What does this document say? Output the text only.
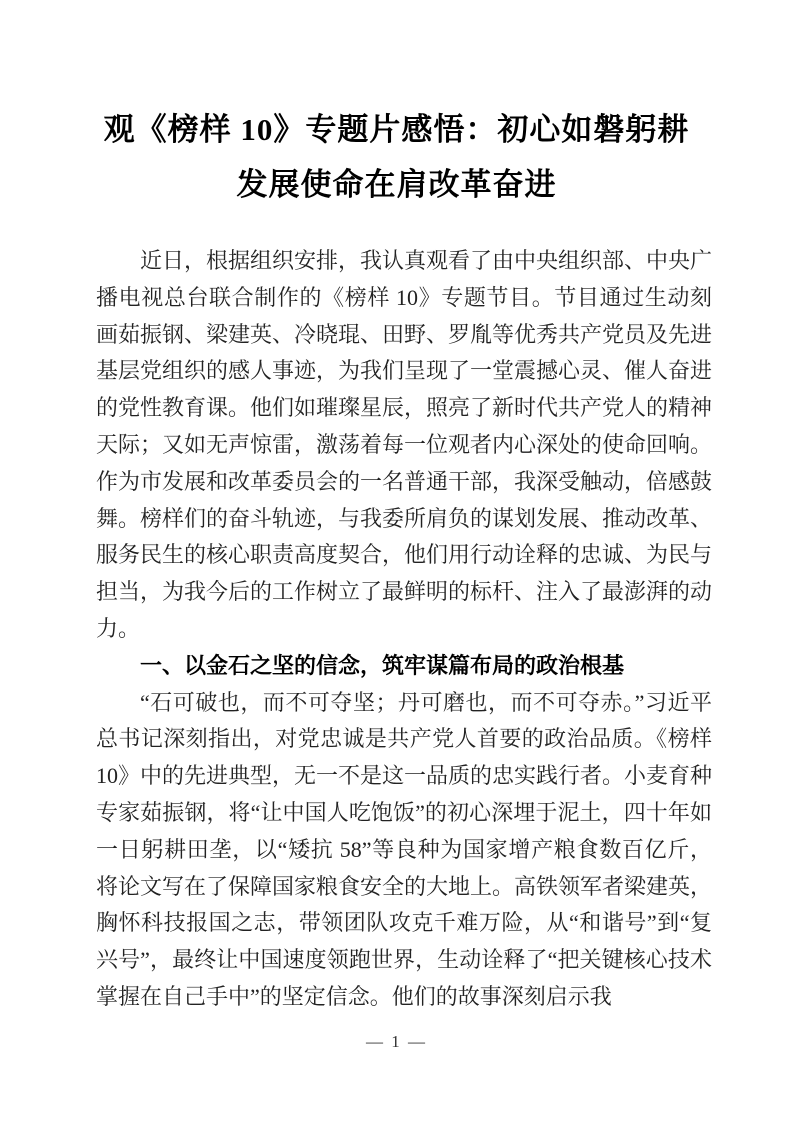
观《榜样 10》专题片感悟：初心如磐躬耕
发展使命在肩改革奋进

近日，根据组织安排，我认真观看了由中央组织部、中央广播电视总台联合制作的《榜样 10》专题节目。节目通过生动刻画茹振钢、梁建英、冷晓琨、田野、罗胤等优秀共产党员及先进基层党组织的感人事迹，为我们呈现了一堂震撼心灵、催人奋进的党性教育课。他们如璀璨星辰，照亮了新时代共产党人的精神天际；又如无声惊雷，激荡着每一位观者内心深处的使命回响。作为市发展和改革委员会的一名普通干部，我深受触动，倍感鼓舞。榜样们的奋斗轨迹，与我委所肩负的谋划发展、推动改革、服务民生的核心职责高度契合，他们用行动诠释的忠诚、为民与担当，为我今后的工作树立了最鲜明的标杆、注入了最澎湃的动力。

一、以金石之坚的信念，筑牢谋篇布局的政治根基

“石可破也，而不可夺坚；丹可磨也，而不可夺赤。”习近平总书记深刻指出，对党忠诚是共产党人首要的政治品质。《榜样 10》中的先进典型，无一不是这一品质的忠实践行者。小麦育种专家茹振钢，将“让中国人吃饱饭”的初心深埋于泥土，四十年如一日躬耕田垄，以“矮抗 58”等良种为国家增产粮食数百亿斤，将论文写在了保障国家粮食安全的大地上。高铁领军者梁建英，胸怀科技报国之志，带领团队攻克千难万险，从“和谐号”到“复兴号”，最终让中国速度领跑世界，生动诠释了“把关键核心技术掌握在自己手中”的坚定信念。他们的故事深刻启示我

— 1 —
